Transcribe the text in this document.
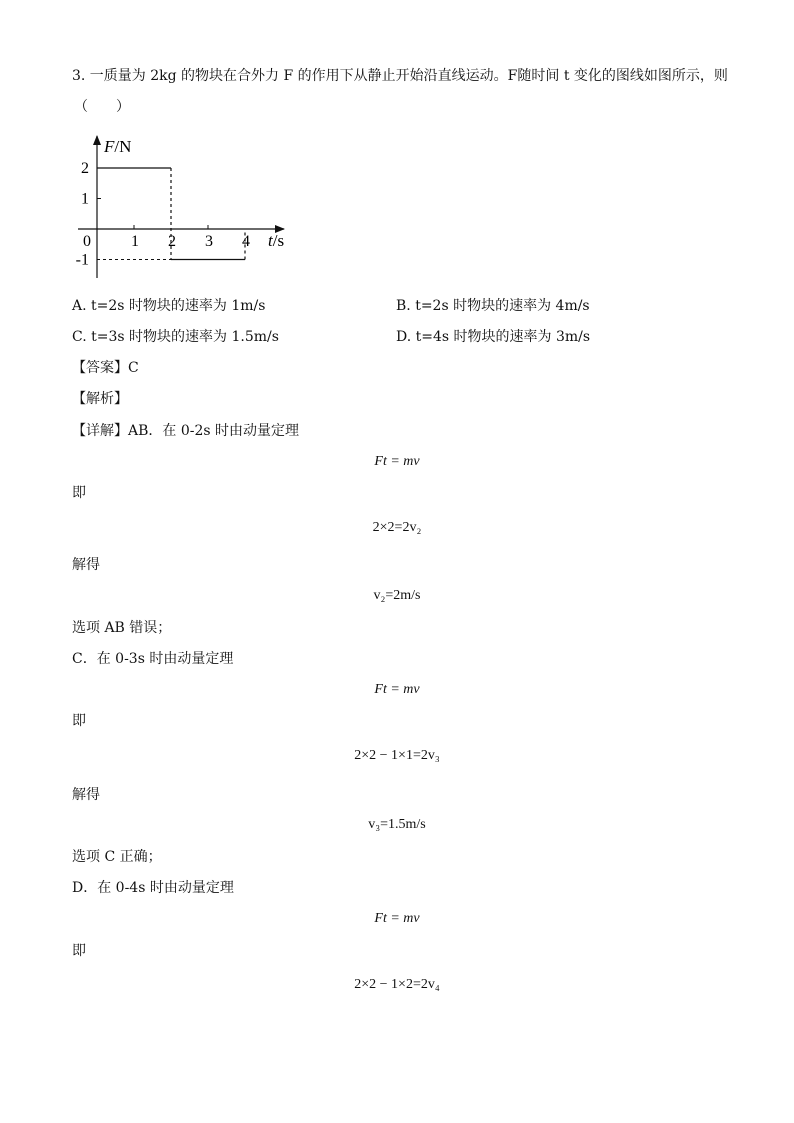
3. 一质量为 2kg 的物块在合外力 F 的作用下从静止开始沿直线运动。F随时间 t 变化的图线如图所示，则
（　　）
0	1 2 3 4
2
1
-1
F/N
t/s
A. t=2s 时物块的速率为 1m/s	B. t=2s 时物块的速率为 4m/s
C. t=3s 时物块的速率为 1.5m/s	D. t=4s 时物块的速率为 3m/s
【答案】C
【解析】
【详解】AB．在 0-2s 时由动量定理
Ft = mv
即
2×2=2v₂
解得
v₂=2m/s
选项 AB 错误；
C．在 0-3s 时由动量定理
Ft = mv
即
2×2 − 1×1=2v₃
解得
v₃=1.5m/s
选项 C 正确；
D．在 0-4s 时由动量定理
Ft = mv
即
2×2 − 1×2=2v₄
